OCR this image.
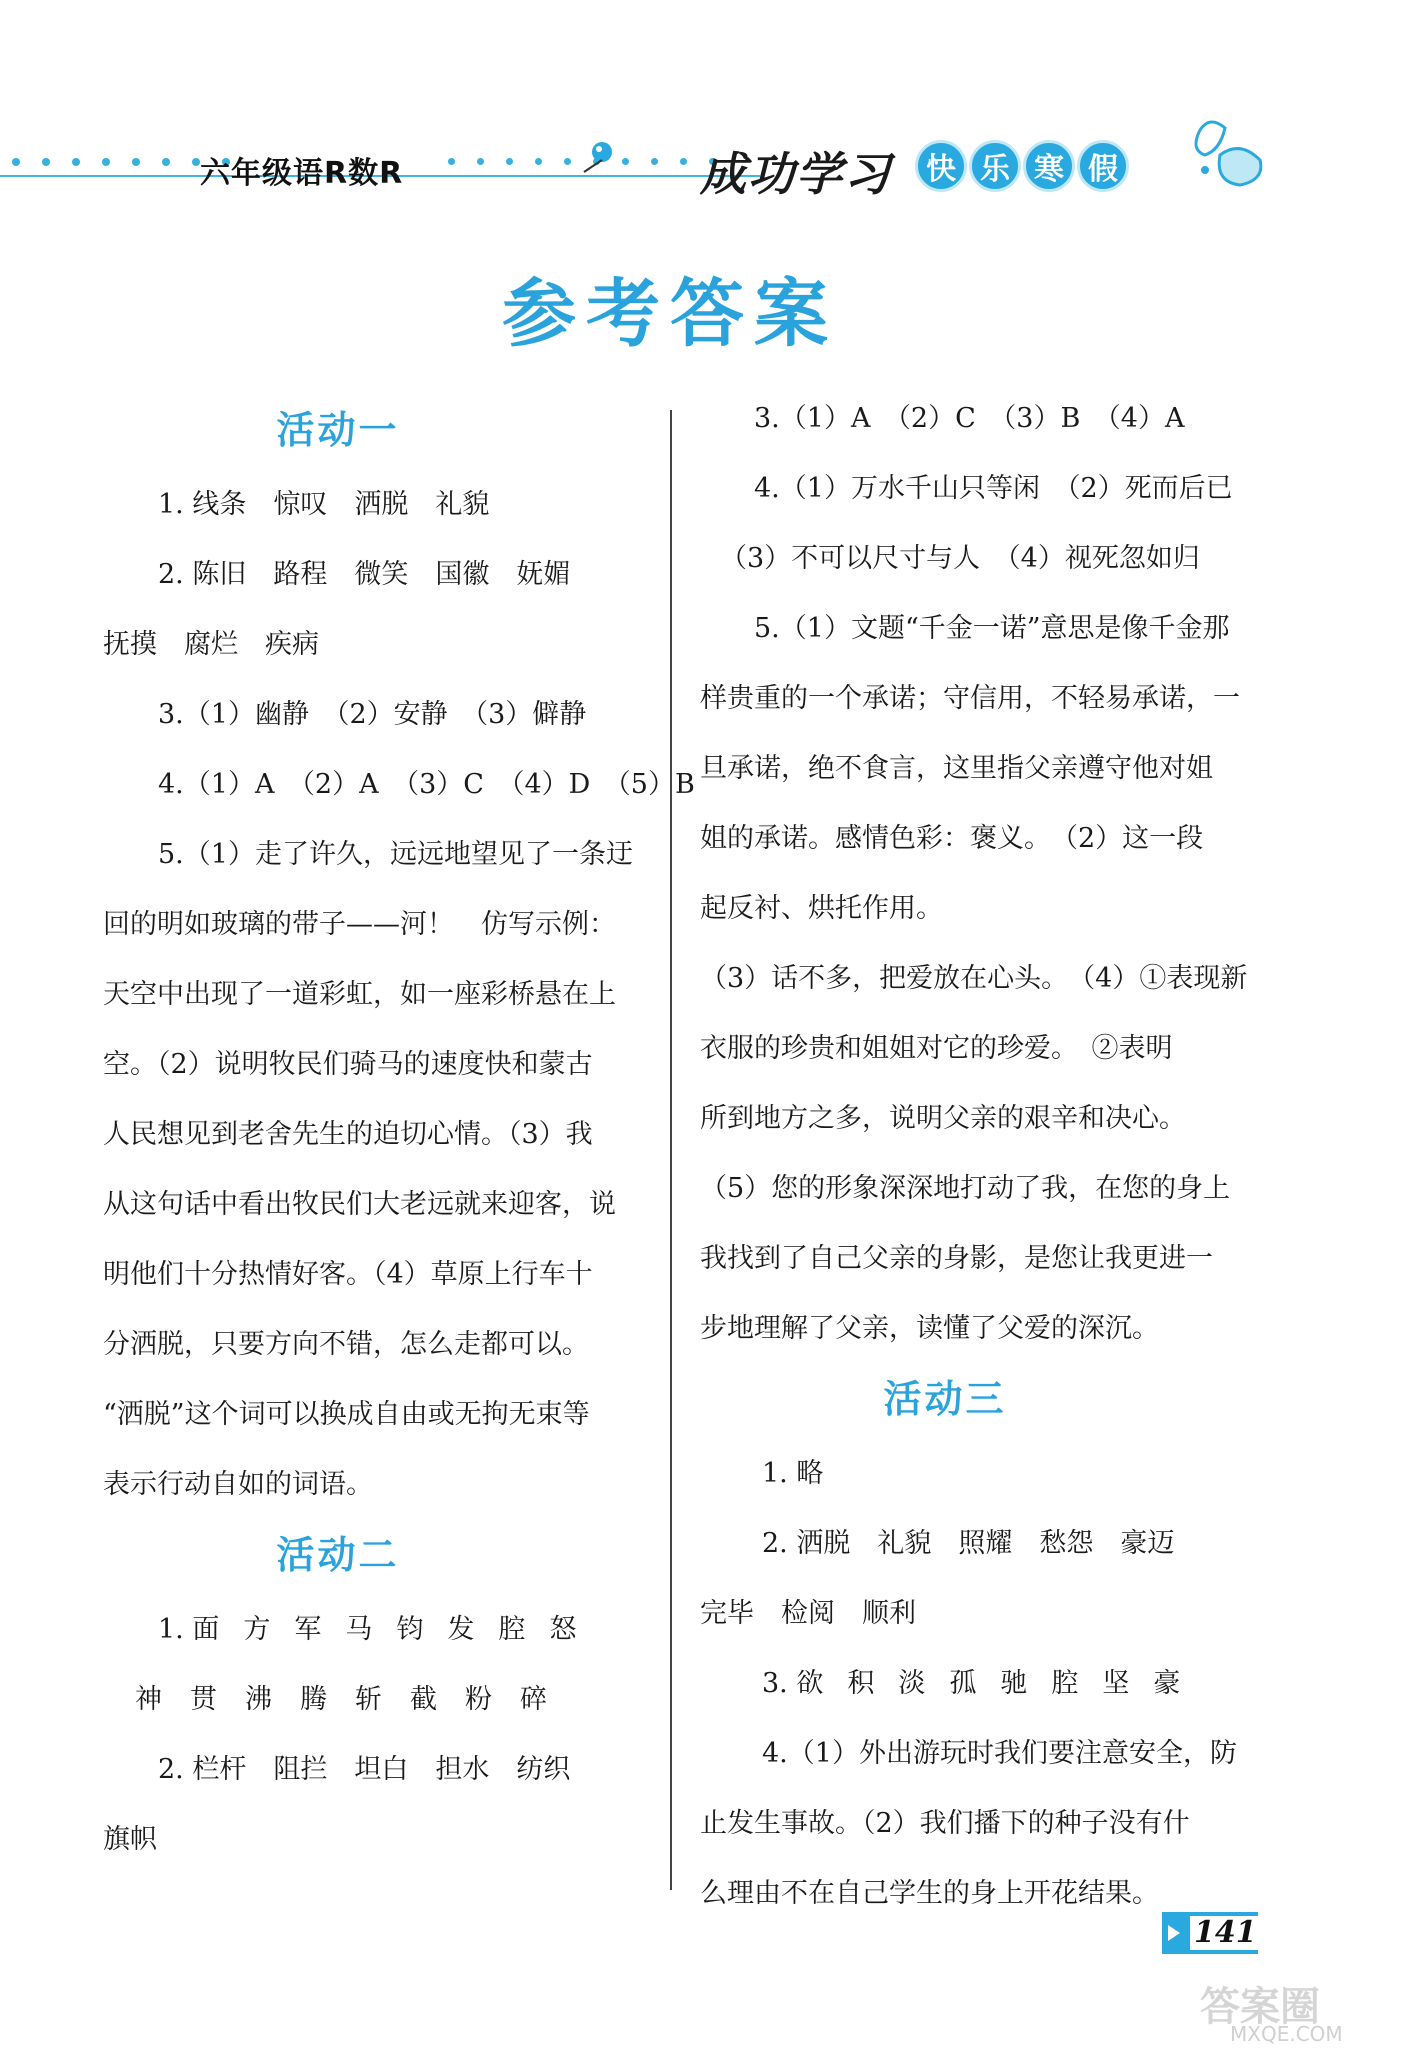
六年级语R数R	成功学习	快 乐 寒 假
参考答案

活动一

1. 线条　惊叹　洒脱　礼貌

2. 陈旧　路程　微笑　国徽　妩媚

抚摸　腐烂　疾病

3.（1）幽静　（2）安静　（3）僻静

4.（1）A　（2）A　（3）C　（4）D　（5）B

5.（1）走了许久，远远地望见了一条迂

回的明如玻璃的带子——河！　仿写示例：

天空中出现了一道彩虹，如一座彩桥悬在上

空。（2）说明牧民们骑马的速度快和蒙古

人民想见到老舍先生的迫切心情。（3）我

从这句话中看出牧民们大老远就来迎客，说

明他们十分热情好客。（4）草原上行车十

分洒脱，只要方向不错，怎么走都可以。

“洒脱”这个词可以换成自由或无拘无束等

表示行动自如的词语。

活动二

1. 面 方 军 马 钧 发 腔 怒

神 贯 沸 腾 斩 截 粉 碎

2. 栏杆　阻拦　坦白　担水　纺织

旗帜

3.（1）A　（2）C　（3）B　（4）A

4.（1）万水千山只等闲　（2）死而后已

（3）不可以尺寸与人　（4）视死忽如归

5.（1）文题“千金一诺”意思是像千金那

样贵重的一个承诺；守信用，不轻易承诺，一

旦承诺，绝不食言，这里指父亲遵守他对姐

姐的承诺。感情色彩：褒义。　（2）这一段

起反衬、烘托作用。

（3）话不多，把爱放在心头。　（4）①表现新

衣服的珍贵和姐姐对它的珍爱。　②表明

所到地方之多，说明父亲的艰辛和决心。

（5）您的形象深深地打动了我，在您的身上

我找到了自己父亲的身影，是您让我更进一

步地理解了父亲，读懂了父爱的深沉。

活动三

1. 略

2. 洒脱　礼貌　照耀　愁怨　豪迈

完毕　检阅　顺利

3. 欲 积 淡 孤 驰 腔 坚 豪

4.（1）外出游玩时我们要注意安全，防

止发生事故。（2）我们播下的种子没有什

么理由不在自己学生的身上开花结果。

141
答案圈
MXQE.COM
